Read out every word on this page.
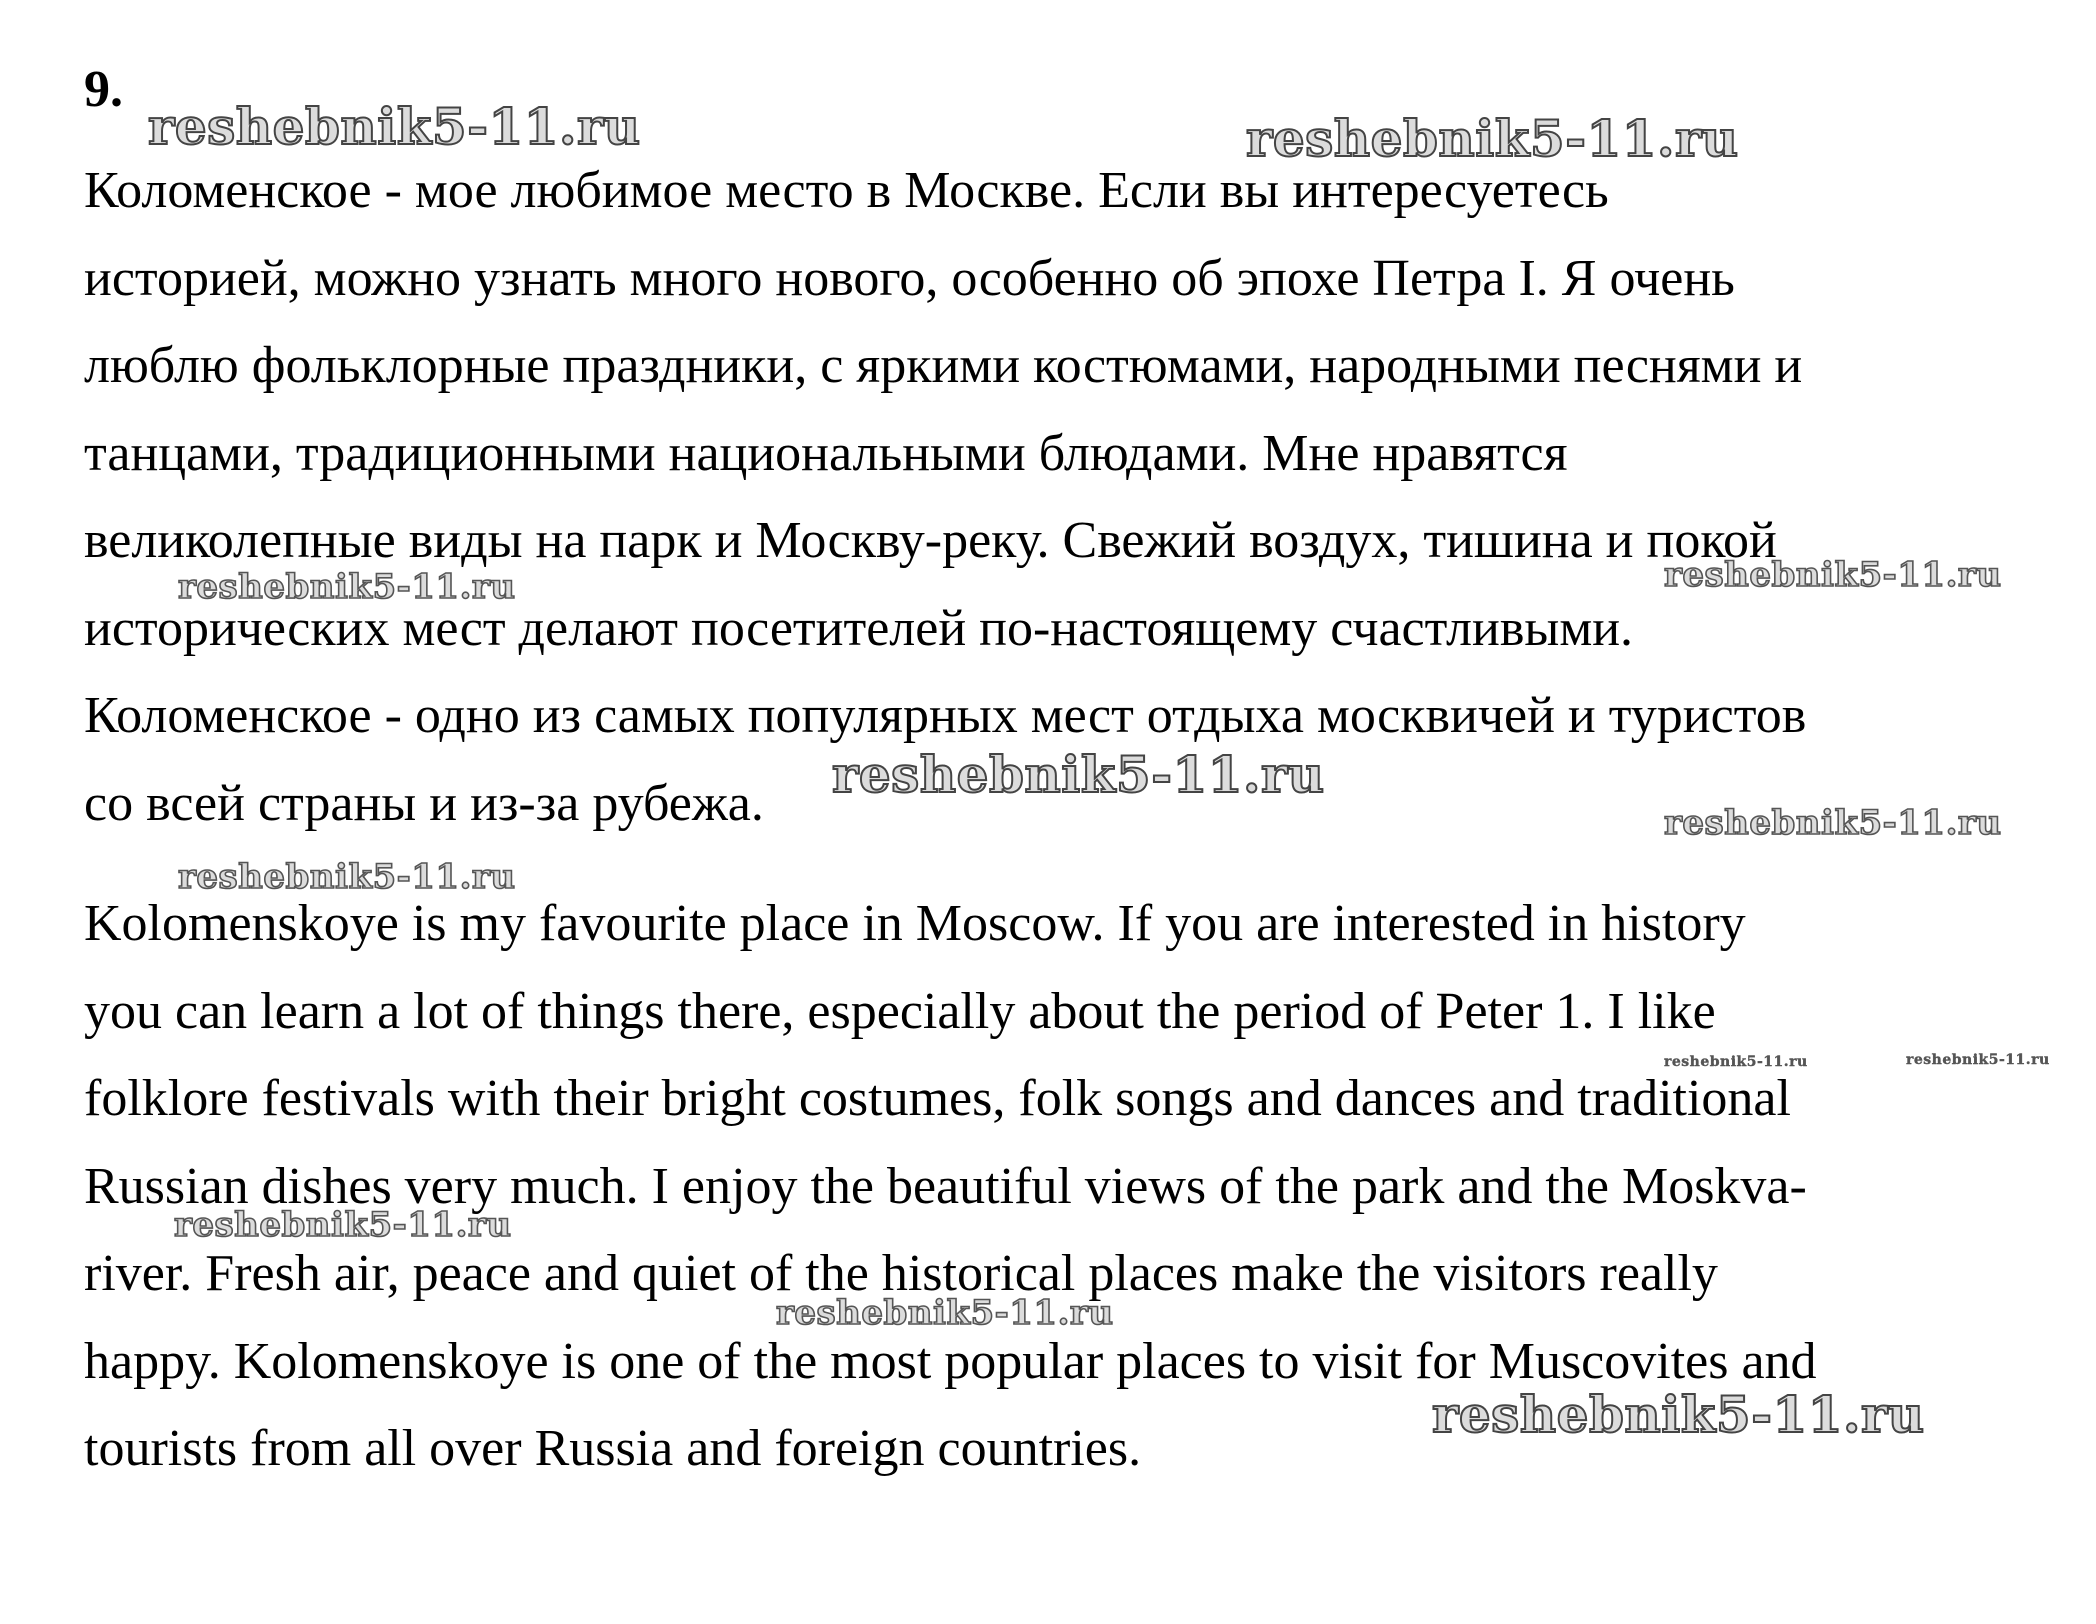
9.

Коломенское - мое любимое место в Москве. Если вы интересуетесь
историей, можно узнать много нового, особенно об эпохе Петра I. Я очень
люблю фольклорные праздники, с яркими костюмами, народными песнями и
танцами, традиционными национальными блюдами. Мне нравятся
великолепные виды на парк и Москву-реку. Свежий воздух, тишина и покой
исторических мест делают посетителей по-настоящему счастливыми.
Коломенское - одно из самых популярных мест отдыха москвичей и туристов
со всей страны и из-за рубежа.

Kolomenskoye is my favourite place in Moscow. If you are interested in history
you can learn a lot of things there, especially about the period of Peter 1. I like
folklore festivals with their bright costumes, folk songs and dances and traditional
Russian dishes very much. I enjoy the beautiful views of the park and the Moskva-
river. Fresh air, peace and quiet of the historical places make the visitors really
happy. Kolomenskoye is one of the most popular places to visit for Muscovites and
tourists from all over Russia and foreign countries.

reshebnik5-11.ru	reshebnik5-11.ru
reshebnik5-11.ru	reshebnik5-11.ru
reshebnik5-11.ru
reshebnik5-11.ru
reshebnik5-11.ru
reshebnik5-11.ru	reshebnik5-11.ru
reshebnik5-11.ru
reshebnik5-11.ru
reshebnik5-11.ru
